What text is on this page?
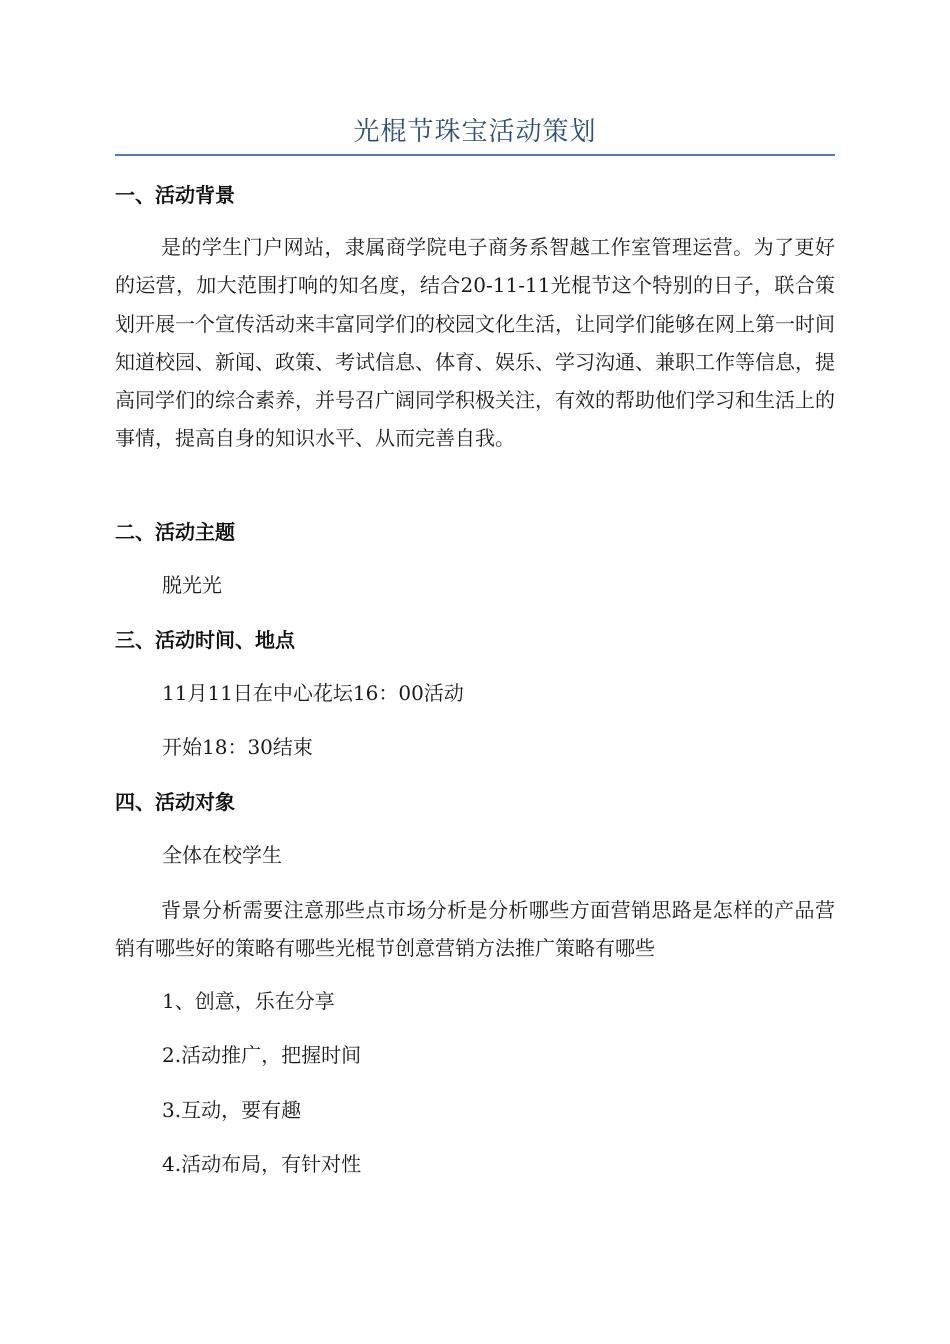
光棍节珠宝活动策划
一、活动背景

是的学生门户网站，隶属商学院电子商务系智越工作室管理运营。为了更好的运营，加大范围打响的知名度，结合20-11-11光棍节这个特别的日子，联合策划开展一个宣传活动来丰富同学们的校园文化生活，让同学们能够在网上第一时间知道校园、新闻、政策、考试信息、体育、娱乐、学习沟通、兼职工作等信息，提高同学们的综合素养，并号召广阔同学积极关注，有效的帮助他们学习和生活上的事情，提高自身的知识水平、从而完善自我。

二、活动主题
脱光光
三、活动时间、地点
11月11日在中心花坛16：00活动
开始18：30结束
四、活动对象
全体在校学生

背景分析需要注意那些点市场分析是分析哪些方面营销思路是怎样的产品营销有哪些好的策略有哪些光棍节创意营销方法推广策略有哪些

1、创意，乐在分享
2.活动推广，把握时间
3.互动，要有趣
4.活动布局，有针对性
